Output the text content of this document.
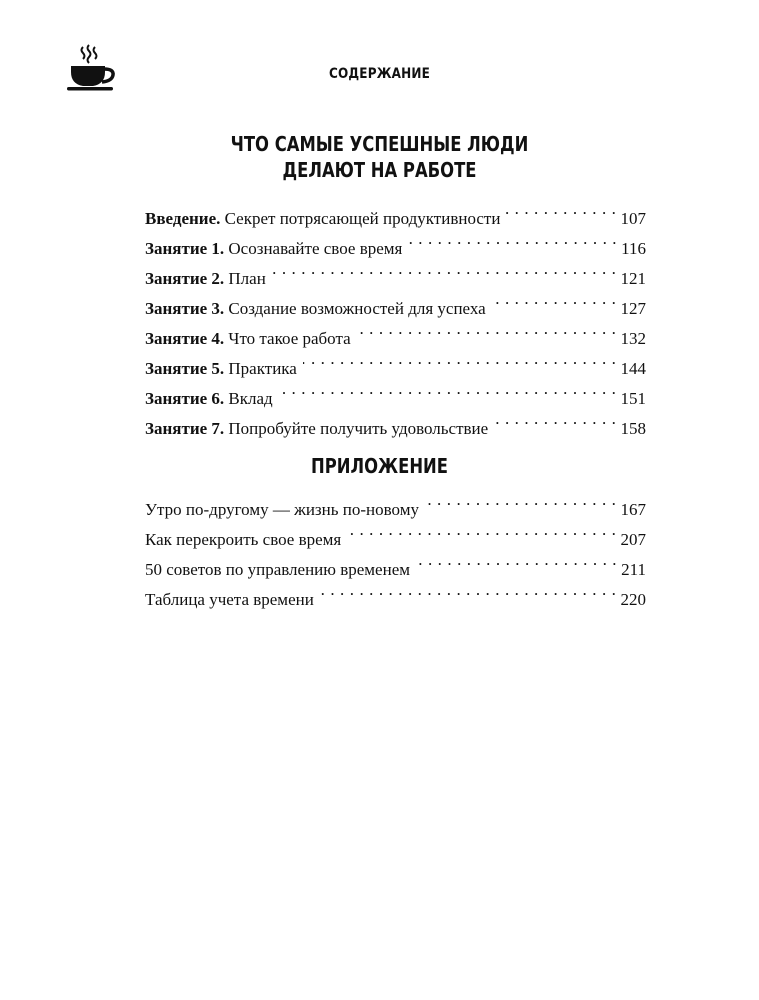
СОДЕРЖАНИЕ
ЧТО САМЫЕ УСПЕШНЫЕ ЛЮДИ
ДЕЛАЮТ НА РАБОТЕ
Введение. Секрет потрясающей продуктивности . . .	107
Занятие 1. Осознавайте свое время . . .	116
Занятие 2. План . . .	121
Занятие 3. Создание возможностей для успеха . . .	127
Занятие 4. Что такое работа . . .	132
Занятие 5. Практика . . .	144
Занятие 6. Вклад . . .	151
Занятие 7. Попробуйте получить удовольствие . . .	158
ПРИЛОЖЕНИЕ
Утро по-другому — жизнь по-новому . . .	167
Как перекроить свое время . . .	207
50 советов по управлению временем . . .	211
Таблица учета времени . . .	220
